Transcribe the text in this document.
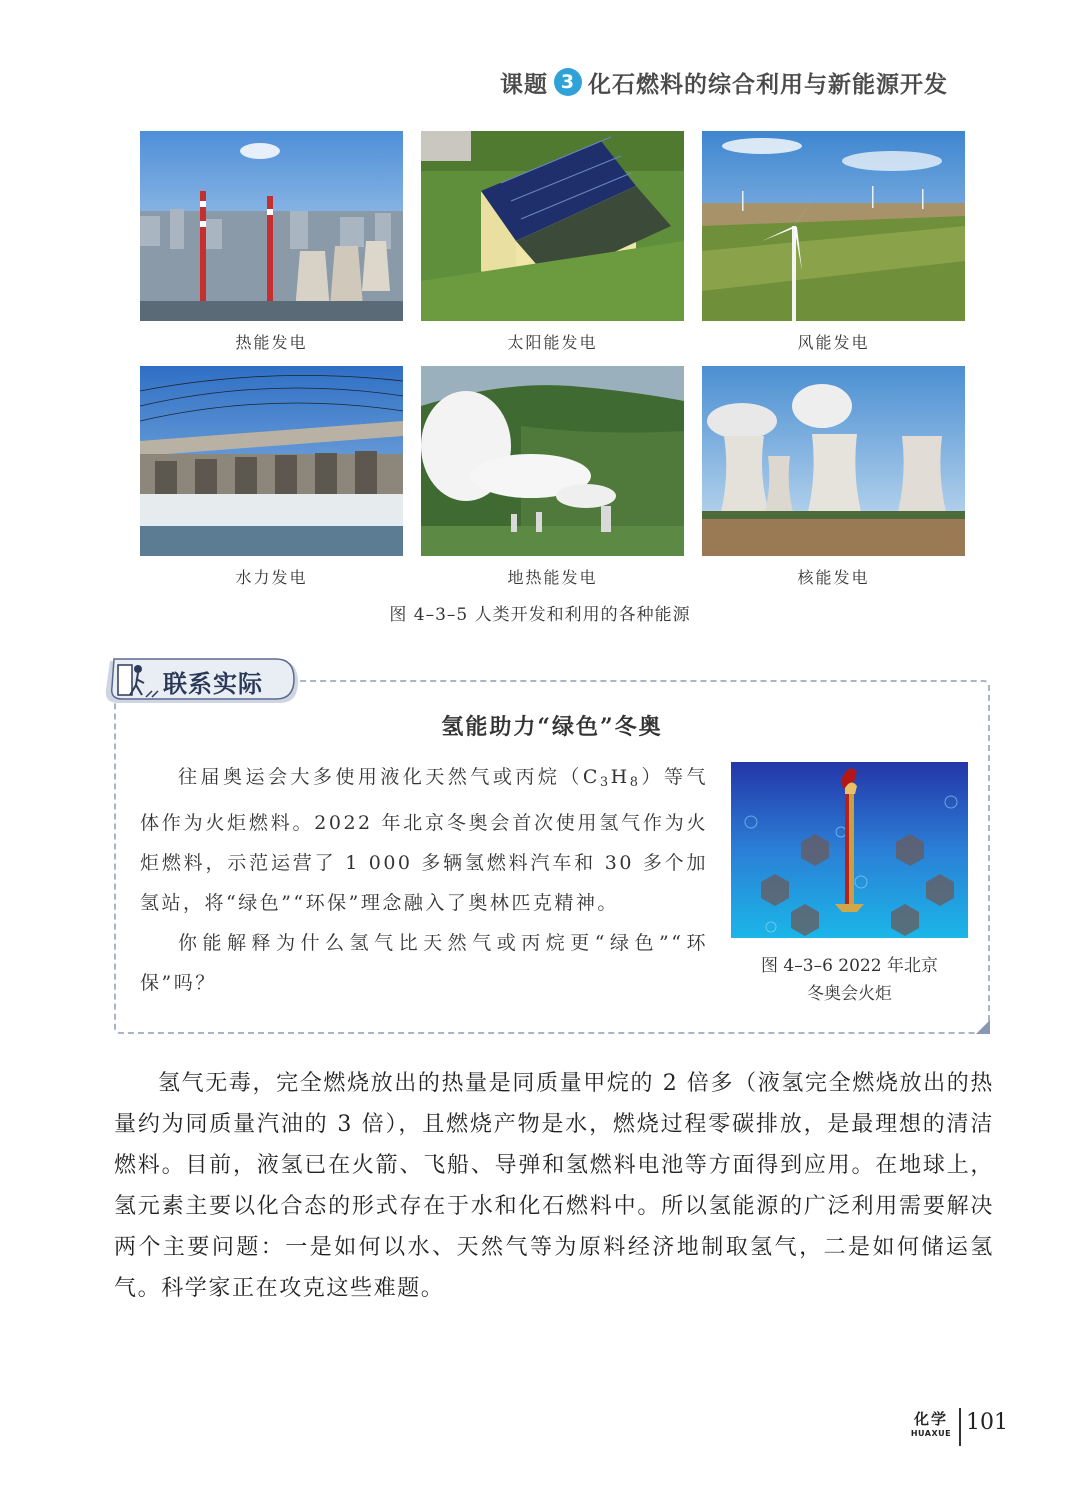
课题 3 化石燃料的综合利用与新能源开发
热能发电	太阳能发电	风能发电
水力发电	地热能发电	核能发电
图 4–3–5 人类开发和利用的各种能源
联系实际
氢能助力“绿色”冬奥

往届奥运会大多使用液化天然气或丙烷（C3H8）等气体作为火炬燃料。2022 年北京冬奥会首次使用氢气作为火炬燃料，示范运营了 1 000 多辆氢燃料汽车和 30 多个加氢站，将“绿色”“环保”理念融入了奥林匹克精神。

你能解释为什么氢气比天然气或丙烷更“绿色”“环保”吗？

图 4–3–6 2022 年北京
冬奥会火炬

氢气无毒，完全燃烧放出的热量是同质量甲烷的 2 倍多（液氢完全燃烧放出的热量约为同质量汽油的 3 倍），且燃烧产物是水，燃烧过程零碳排放，是最理想的清洁燃料。目前，液氢已在火箭、飞船、导弹和氢燃料电池等方面得到应用。在地球上，氢元素主要以化合态的形式存在于水和化石燃料中。所以氢能源的广泛利用需要解决两个主要问题：一是如何以水、天然气等为原料经济地制取氢气，二是如何储运氢气。科学家正在攻克这些难题。

化学
HUAXUE 101
